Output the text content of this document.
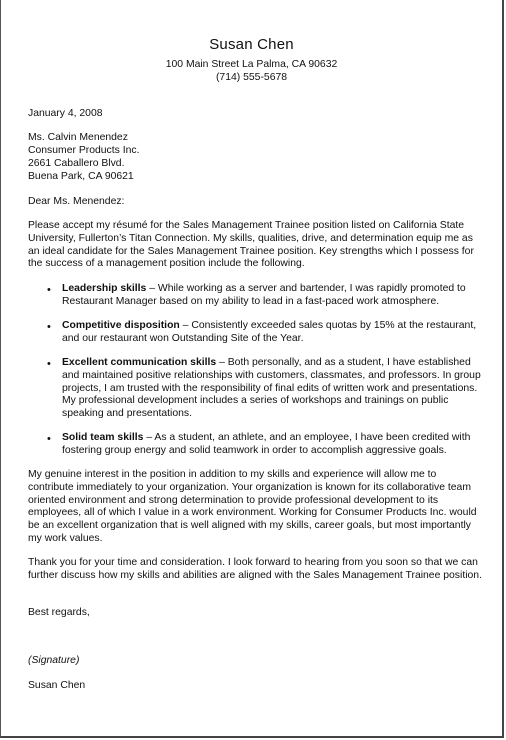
Susan Chen
100 Main Street La Palma, CA 90632
(714) 555-5678
January 4, 2008
Ms. Calvin Menendez
Consumer Products Inc.
2661 Caballero Blvd.
Buena Park, CA 90621
Dear Ms. Menendez:
Please accept my résumé for the Sales Management Trainee position listed on California State University, Fullerton’s Titan Connection. My skills, qualities, drive, and determination equip me as an ideal candidate for the Sales Management Trainee position. Key strengths which I possess for the success of a management position include the following.
• Leadership skills – While working as a server and bartender, I was rapidly promoted to Restaurant Manager based on my ability to lead in a fast-paced work atmosphere.
• Competitive disposition – Consistently exceeded sales quotas by 15% at the restaurant, and our restaurant won Outstanding Site of the Year.
• Excellent communication skills – Both personally, and as a student, I have established and maintained positive relationships with customers, classmates, and professors. In group projects, I am trusted with the responsibility of final edits of written work and presentations. My professional development includes a series of workshops and trainings on public speaking and presentations.
• Solid team skills – As a student, an athlete, and an employee, I have been credited with fostering group energy and solid teamwork in order to accomplish aggressive goals.
My genuine interest in the position in addition to my skills and experience will allow me to contribute immediately to your organization. Your organization is known for its collaborative team oriented environment and strong determination to provide professional development to its employees, all of which I value in a work environment. Working for Consumer Products Inc. would be an excellent organization that is well aligned with my skills, career goals, but most importantly my work values.
Thank you for your time and consideration. I look forward to hearing from you soon so that we can further discuss how my skills and abilities are aligned with the Sales Management Trainee position.
Best regards,
(Signature)
Susan Chen
